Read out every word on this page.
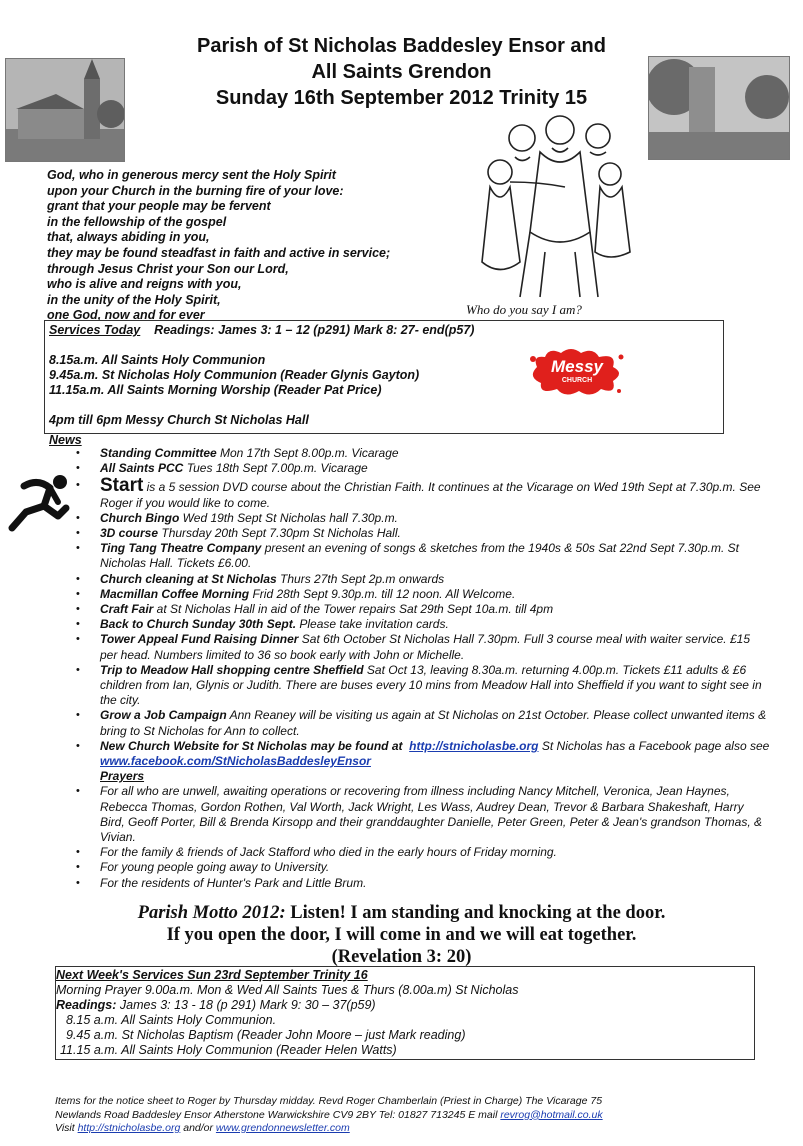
Parish of St Nicholas Baddesley Ensor and
All Saints Grendon
Sunday 16th September 2012 Trinity 15
God, who in generous mercy sent the Holy Spirit
upon your Church in the burning fire of your love:
grant that your people may be fervent
in the fellowship of the gospel
that, always abiding in you,
they may be found steadfast in faith and active in service;
through Jesus Christ your Son our Lord,
who is alive and reigns with you,
in the unity of the Holy Spirit,
one God, now and for ever	Who do you say I am?
Services Today Readings: James 3: 1 – 12 (p291) Mark 8: 27- end(p57)
8.15a.m. All Saints Holy Communion
9.45a.m. St Nicholas Holy Communion (Reader Glynis Gayton)
11.15a.m. All Saints Morning Worship (Reader Pat Price)
4pm till 6pm Messy Church St Nicholas Hall
Messy
CHURCH
News

• Standing Committee Mon 17th Sept 8.00p.m. Vicarage

• All Saints PCC Tues 18th Sept 7.00p.m. Vicarage

• Start is a 5 session DVD course about the Christian Faith. It continues at the Vicarage on Wed 19th Sept at 7.30p.m. See Roger if you would like to come.

• Church Bingo Wed 19th Sept St Nicholas hall 7.30p.m.

• 3D course Thursday 20th Sept 7.30pm St Nicholas Hall.

• Ting Tang Theatre Company present an evening of songs & sketches from the 1940s & 50s Sat 22nd Sept 7.30p.m. St Nicholas Hall. Tickets £6.00.

• Church cleaning at St Nicholas Thurs 27th Sept 2p.m onwards

• Macmillan Coffee Morning Frid 28th Sept 9.30p.m. till 12 noon. All Welcome.

• Craft Fair at St Nicholas Hall in aid of the Tower repairs Sat 29th Sept 10a.m. till 4pm

• Back to Church Sunday 30th Sept. Please take invitation cards.

• Tower Appeal Fund Raising Dinner Sat 6th October St Nicholas Hall 7.30pm. Full 3 course meal with waiter service. £15 per head. Numbers limited to 36 so book early with John or Michelle.

• Trip to Meadow Hall shopping centre Sheffield Sat Oct 13, leaving 8.30a.m. returning 4.00p.m. Tickets £11 adults & £6 children from Ian, Glynis or Judith. There are buses every 10 mins from Meadow Hall into Sheffield if you want to sight see in the city.

• Grow a Job Campaign Ann Reaney will be visiting us again at St Nicholas on 21st October. Please collect unwanted items & bring to St Nicholas for Ann to collect.

• New Church Website for St Nicholas may be found at http://stnicholasbe.org St Nicholas has a Facebook page also see www.facebook.com/StNicholasBaddesleyEnsor

Prayers

• For all who are unwell, awaiting operations or recovering from illness including Nancy Mitchell, Veronica, Jean Haynes, Rebecca Thomas, Gordon Rothen, Val Worth, Jack Wright, Les Wass, Audrey Dean, Trevor & Barbara Shakeshaft, Harry Bird, Geoff Porter, Bill & Brenda Kirsopp and their granddaughter Danielle, Peter Green, Peter & Jean's grandson Thomas, & Vivian.

• For the family & friends of Jack Stafford who died in the early hours of Friday morning.

• For young people going away to University.

• For the residents of Hunter's Park and Little Brum.

Parish Motto 2012: Listen! I am standing and knocking at the door.
If you open the door, I will come in and we will eat together.
(Revelation 3: 20)
Next Week's Services Sun 23rd September Trinity 16
Morning Prayer 9.00a.m. Mon & Wed All Saints Tues & Thurs (8.00a.m) St Nicholas
Readings: James 3: 13 - 18 (p 291) Mark 9: 30 – 37(p59)
8.15 a.m. All Saints Holy Communion.
9.45 a.m. St Nicholas Baptism (Reader John Moore – just Mark reading)
11.15 a.m. All Saints Holy Communion (Reader Helen Watts)
Items for the notice sheet to Roger by Thursday midday. Revd Roger Chamberlain (Priest in Charge) The Vicarage 75
Newlands Road Baddesley Ensor Atherstone Warwickshire CV9 2BY Tel: 01827 713245 E mail revrog@hotmail.co.uk
Visit http://stnicholasbe.org and/or www.grendonnewsletter.com
